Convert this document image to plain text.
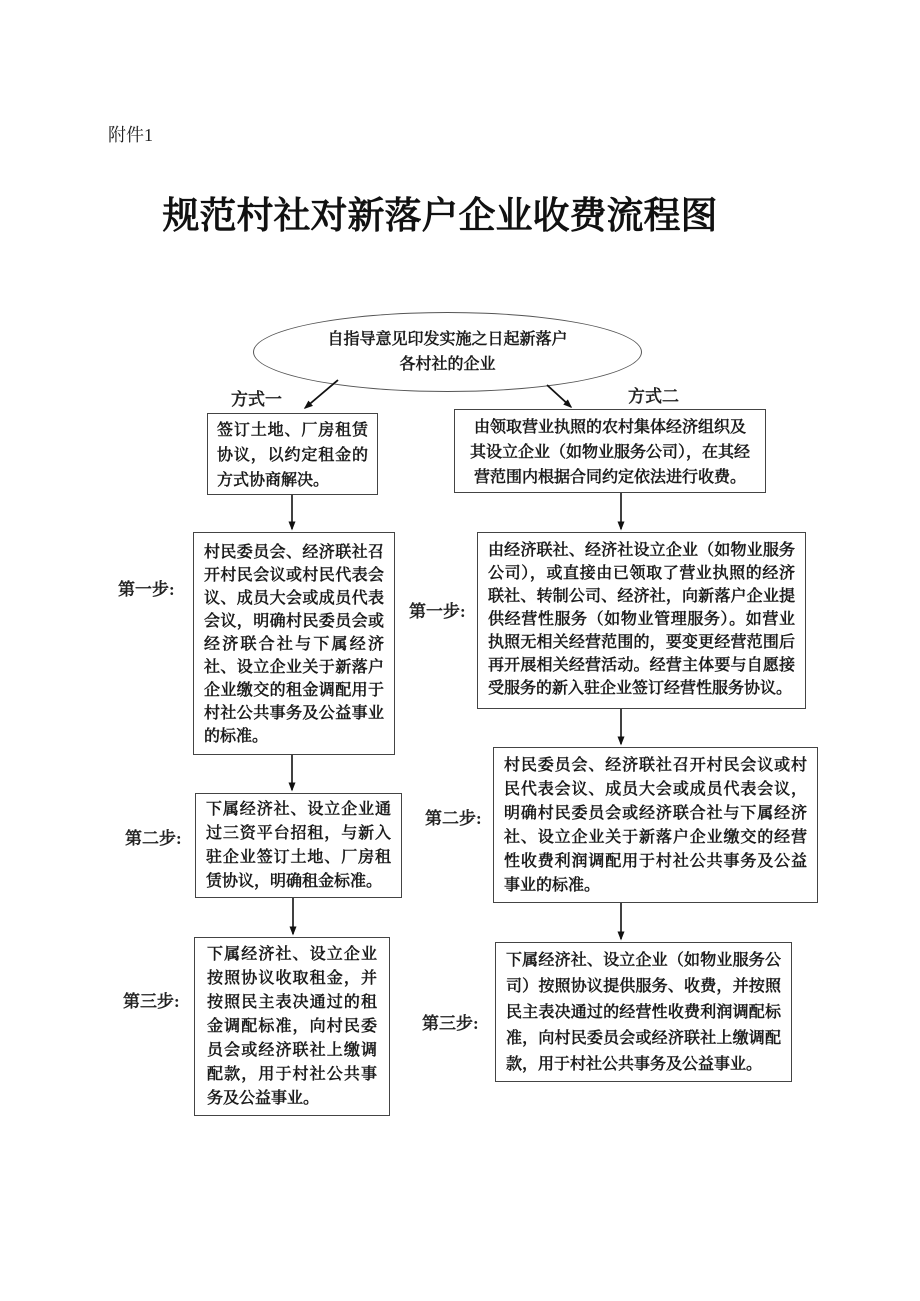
附件1
规范村社对新落户企业收费流程图
自指导意见印发实施之日起新落户各村社的企业
方式一	方式二
签订土地、厂房租赁协议，以约定租金的方式协商解决。
由领取营业执照的农村集体经济组织及其设立企业（如物业服务公司），在其经营范围内根据合同约定依法进行收费。
第一步:
村民委员会、经济联社召开村民会议或村民代表会议、成员大会或成员代表会议，明确村民委员会或经济联合社与下属经济社、设立企业关于新落户企业缴交的租金调配用于村社公共事务及公益事业的标准。
第二步:
下属经济社、设立企业通过三资平台招租，与新入驻企业签订土地、厂房租赁协议，明确租金标准。
第三步:
下属经济社、设立企业按照协议收取租金，并按照民主表决通过的租金调配标准，向村民委员会或经济联社上缴调配款，用于村社公共事务及公益事业。
第一步:
由经济联社、经济社设立企业（如物业服务公司），或直接由已领取了营业执照的经济联社、转制公司、经济社，向新落户企业提供经营性服务（如物业管理服务）。如营业执照无相关经营范围的，要变更经营范围后再开展相关经营活动。经营主体要与自愿接受服务的新入驻企业签订经营性服务协议。
第二步:
村民委员会、经济联社召开村民会议或村民代表会议、成员大会或成员代表会议，明确村民委员会或经济联合社与下属经济社、设立企业关于新落户企业缴交的经营性收费利润调配用于村社公共事务及公益事业的标准。
第三步:
下属经济社、设立企业（如物业服务公司）按照协议提供服务、收费，并按照民主表决通过的经营性收费利润调配标准，向村民委员会或经济联社上缴调配款，用于村社公共事务及公益事业。
